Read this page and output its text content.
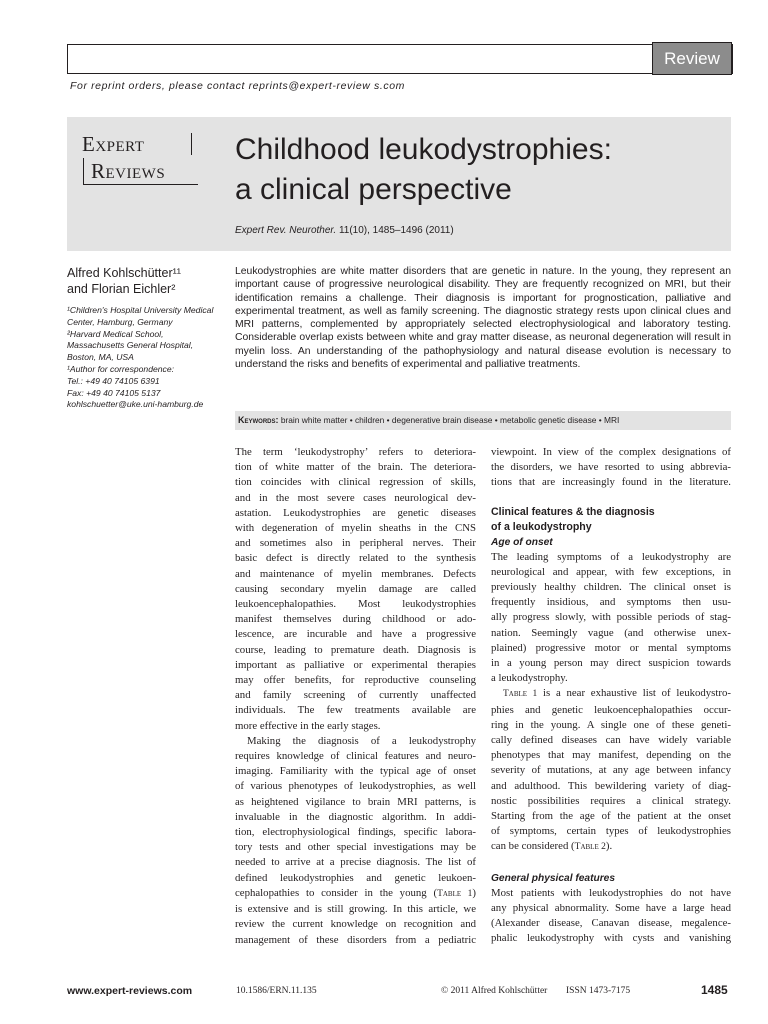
Review
For reprint orders, please contact reprints@expert-review s.com
Expert
Reviews
Childhood leukodystrophies:
a clinical perspective
Expert Rev. Neurother. 11(10), 1485–1496 (2011)
Alfred Kohlschütter¹¹
and Florian Eichler²
¹Children's Hospital University Medical
Center, Hamburg, Germany
²Harvard Medical School,
Massachusetts General Hospital,
Boston, MA, USA
¹Author for correspondence:
Tel.: +49 40 74105 6391
Fax: +49 40 74105 5137
kohlschuetter@uke.uni-hamburg.de

Leukodystrophies are white matter disorders that are genetic in nature. In the young, they represent an important cause of progressive neurological disability. They are frequently recognized on MRI, but their identification remains a challenge. Their diagnosis is important for prognostication, palliative and experimental treatment, as well as family screening. The diagnostic strategy rests upon clinical clues and MRI patterns, complemented by appropriately selected electrophysiological and laboratory testing. Considerable overlap exists between white and gray matter disease, as neuronal degeneration will result in myelin loss. An understanding of the pathophysiology and natural disease evolution is necessary to understand the risks and benefits of experimental and palliative treatments.

Keywords: brain white matter • children • degenerative brain disease • metabolic genetic disease • MRI
The term ‘leukodystrophy’ refers to deteriora-
tion of white matter of the brain. The deteriora-
tion coincides with clinical regression of skills,
and in the most severe cases neurological dev-
astation. Leukodystrophies are genetic diseases
with degeneration of myelin sheaths in the CNS
and sometimes also in peripheral nerves. Their
basic defect is directly related to the synthesis
and maintenance of myelin membranes. Defects
causing secondary myelin damage are called
leukoencephalopathies. Most leukodystrophies
manifest themselves during childhood or ado-
lescence, are incurable and have a progressive
course, leading to premature death. Diagnosis is
important as palliative or experimental therapies
may offer benefits, for reproductive counseling
and family screening of currently unaffected
individuals. The few treatments available are
more effective in the early stages.
Making the diagnosis of a leukodystrophy
requires knowledge of clinical features and neuro-
imaging. Familiarity with the typical age of onset
of various phenotypes of leukodystrophies, as well
as heightened vigilance to brain MRI patterns, is
invaluable in the diagnostic algorithm. In addi-
tion, electrophysiological findings, specific labora-
tory tests and other special investigations may be
needed to arrive at a precise diagnosis. The list of
defined leukodystrophies and genetic leukoen-
cephalopathies to consider in the young (Table 1)
is extensive and is still growing. In this article, we
review the current knowledge on recognition and
management of these disorders from a pediatric
viewpoint. In view of the complex designations of
the disorders, we have resorted to using abbrevia-
tions that are increasingly found in the literature.
Clinical features & the diagnosis
of a leukodystrophy
Age of onset
The leading symptoms of a leukodystrophy are
neurological and appear, with few exceptions, in
previously healthy children. The clinical onset is
frequently insidious, and symptoms then usu-
ally progress slowly, with possible periods of stag-
nation. Seemingly vague (and otherwise unex-
plained) progressive motor or mental symptoms
in a young person may direct suspicion towards
a leukodystrophy.
Table 1 is a near exhaustive list of leukodystro-
phies and genetic leukoencephalopathies occur-
ring in the young. A single one of these geneti-
cally defined diseases can have widely variable
phenotypes that may manifest, depending on the
severity of mutations, at any age between infancy
and adulthood. This bewildering variety of diag-
nostic possibilities requires a clinical strategy.
Starting from the age of the patient at the onset
of symptoms, certain types of leukodystrophies
can be considered (Table 2).
General physical features
Most patients with leukodystrophies do not have
any physical abnormality. Some have a large head
(Alexander disease, Canavan disease, megalence-
phalic leukodystrophy with cysts and vanishing
www.expert-reviews.com	10.1586/ERN.11.135	© 2011 Alfred Kohlschütter ISSN 1473-7175	1485
